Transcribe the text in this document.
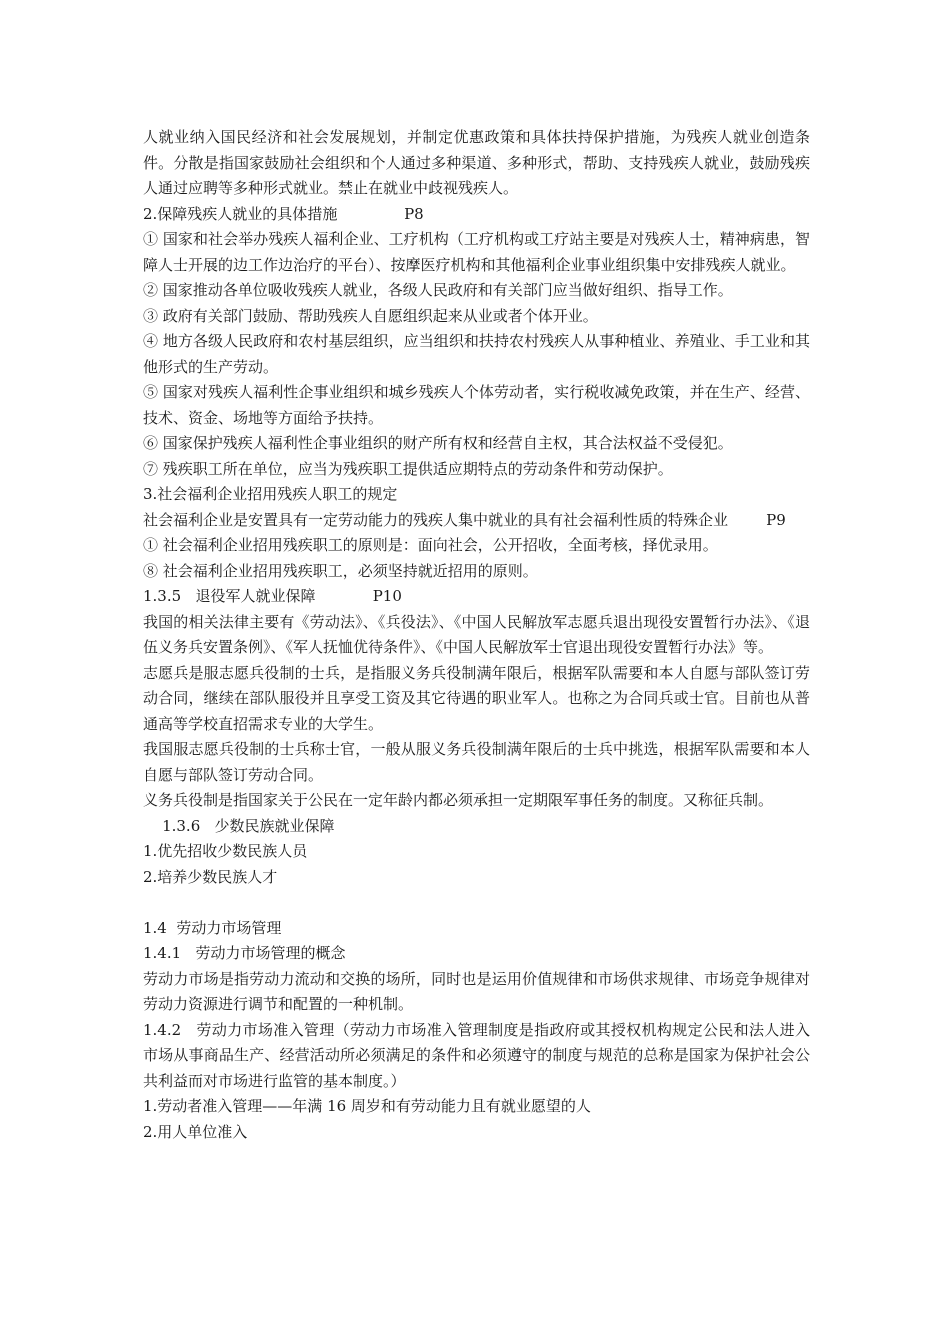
人就业纳入国民经济和社会发展规划，并制定优惠政策和具体扶持保护措施，为残疾人就业创造条件。分散是指国家鼓励社会组织和个人通过多种渠道、多种形式，帮助、支持残疾人就业，鼓励残疾人通过应聘等多种形式就业。禁止在就业中歧视残疾人。

2.保障残疾人就业的具体措施              P8

① 国家和社会举办残疾人福利企业、工疗机构（工疗机构或工疗站主要是对残疾人士，精神病患，智障人士开展的边工作边治疗的平台）、按摩医疗机构和其他福利企业事业组织集中安排残疾人就业。

② 国家推动各单位吸收残疾人就业，各级人民政府和有关部门应当做好组织、指导工作。

③ 政府有关部门鼓励、帮助残疾人自愿组织起来从业或者个体开业。

④ 地方各级人民政府和农村基层组织，应当组织和扶持农村残疾人从事种植业、养殖业、手工业和其他形式的生产劳动。

⑤ 国家对残疾人福利性企事业组织和城乡残疾人个体劳动者，实行税收减免政策，并在生产、经营、技术、资金、场地等方面给予扶持。

⑥ 国家保护残疾人福利性企事业组织的财产所有权和经营自主权，其合法权益不受侵犯。

⑦ 残疾职工所在单位，应当为残疾职工提供适应期特点的劳动条件和劳动保护。

3.社会福利企业招用残疾人职工的规定

社会福利企业是安置具有一定劳动能力的残疾人集中就业的具有社会福利性质的特殊企业        P9

① 社会福利企业招用残疾职工的原则是：面向社会，公开招收，全面考核，择优录用。

⑧ 社会福利企业招用残疾职工，必须坚持就近招用的原则。

1.3.5   退役军人就业保障            P10

我国的相关法律主要有《劳动法》、《兵役法》、《中国人民解放军志愿兵退出现役安置暂行办法》、《退伍义务兵安置条例》、《军人抚恤优待条件》、《中国人民解放军士官退出现役安置暂行办法》等。

志愿兵是服志愿兵役制的士兵，是指服义务兵役制满年限后，根据军队需要和本人自愿与部队签订劳动合同，继续在部队服役并且享受工资及其它待遇的职业军人。也称之为合同兵或士官。目前也从普通高等学校直招需求专业的大学生。

我国服志愿兵役制的士兵称士官，一般从服义务兵役制满年限后的士兵中挑选，根据军队需要和本人自愿与部队签订劳动合同。

义务兵役制是指国家关于公民在一定年龄内都必须承担一定期限军事任务的制度。又称征兵制。

1.3.6   少数民族就业保障

1.优先招收少数民族人员

2.培养少数民族人才

1.4  劳动力市场管理

1.4.1   劳动力市场管理的概念

劳动力市场是指劳动力流动和交换的场所，同时也是运用价值规律和市场供求规律、市场竞争规律对劳动力资源进行调节和配置的一种机制。

1.4.2   劳动力市场准入管理（劳动力市场准入管理制度是指政府或其授权机构规定公民和法人进入市场从事商品生产、经营活动所必须满足的条件和必须遵守的制度与规范的总称是国家为保护社会公共利益而对市场进行监管的基本制度。）

1.劳动者准入管理——年满 16 周岁和有劳动能力且有就业愿望的人

2.用人单位准入
